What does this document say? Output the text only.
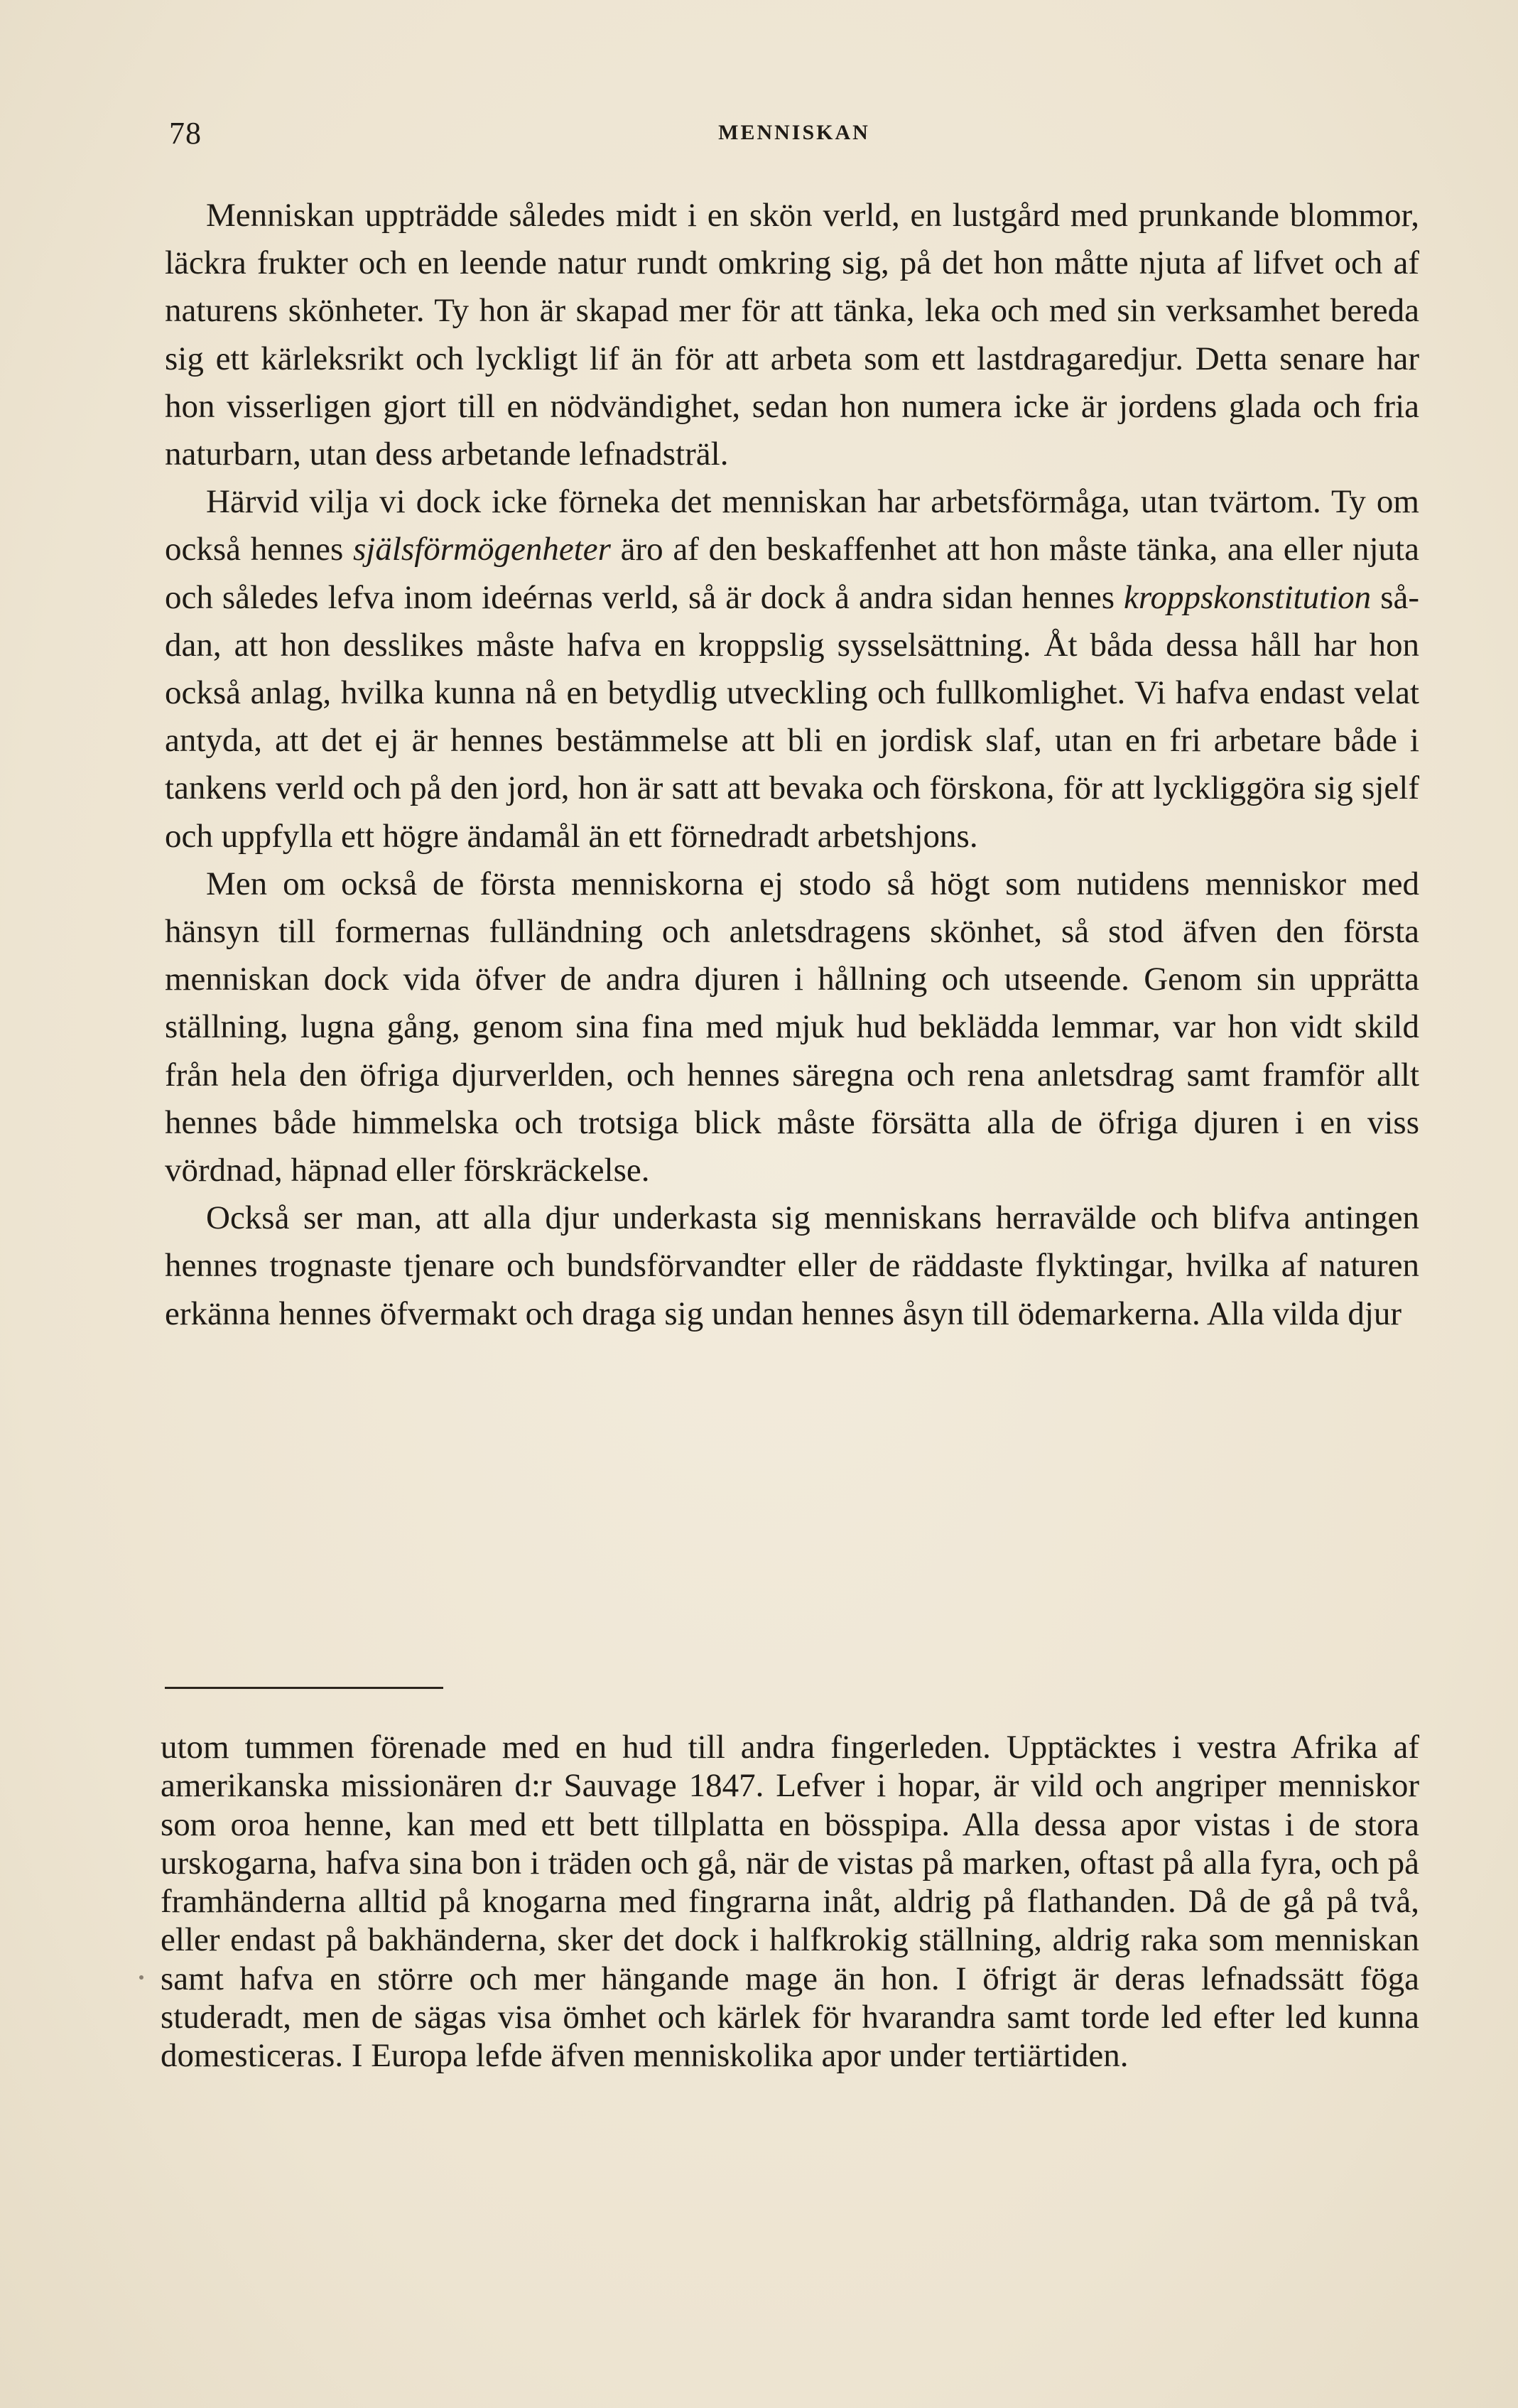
78	MENNISKAN

Menniskan uppträdde således midt i en skön verld, en lustgård med prunkande blommor, läckra frukter och en leende natur rundt omkring sig, på det hon måtte njuta af lifvet och af naturens skönheter. Ty hon är skapad mer för att tänka, leka och med sin verksamhet bereda sig ett kärleksrikt och lyckligt lif än för att arbeta som ett lastdragaredjur. Detta senare har hon visserligen gjort till en nödvändighet, sedan hon numera icke är jordens glada och fria naturbarn, utan dess arbetande lefnadsträl.

Härvid vilja vi dock icke förneka det menniskan har arbetsförmåga, utan tvärtom. Ty om också hennes själsförmögenheter äro af den beskaffenhet att hon måste tänka, ana eller njuta och således lefva inom ideérnas verld, så är dock å andra sidan hennes kroppskonstitution sådan, att hon desslikes måste hafva en kroppslig sysselsättning. Åt båda dessa håll har hon också anlag, hvilka kunna nå en betydlig utveckling och fullkomlighet. Vi hafva endast velat antyda, att det ej är hennes bestämmelse att bli en jordisk slaf, utan en fri arbetare både i tankens verld och på den jord, hon är satt att bevaka och förskona, för att lyckliggöra sig sjelf och uppfylla ett högre ändamål än ett förnedradt arbetshjons.

Men om också de första menniskorna ej stodo så högt som nutidens menniskor med hänsyn till formernas fulländning och anletsdragens skönhet, så stod äfven den första menniskan dock vida öfver de andra djuren i hållning och utseende. Genom sin upprätta ställning, lugna gång, genom sina fina med mjuk hud beklädda lemmar, var hon vidt skild från hela den öfriga djurverlden, och hennes säregna och rena anletsdrag samt framför allt hennes både himmelska och trotsiga blick måste försätta alla de öfriga djuren i en viss vördnad, häpnad eller förskräckelse.

Också ser man, att alla djur underkasta sig menniskans herravälde och blifva antingen hennes trognaste tjenare och bundsförvandter eller de räddaste flyktingar, hvilka af naturen erkänna hennes öfvermakt och draga sig undan hennes åsyn till ödemarkerna. Alla vilda djur

utom tummen förenade med en hud till andra fingerleden. Upptäcktes i vestra Afrika af amerikanska missionären d:r Sauvage 1847. Lefver i hopar, är vild och angriper menniskor som oroa henne, kan med ett bett tillplatta en bösspipa. Alla dessa apor vistas i de stora urskogarna, hafva sina bon i träden och gå, när de vistas på marken, oftast på alla fyra, och på framhänderna alltid på knogarna med fingrarna inåt, aldrig på flathanden. Då de gå på två, eller endast på bakhänderna, sker det dock i halfkrokig ställning, aldrig raka som menniskan samt hafva en större och mer hängande mage än hon. I öfrigt är deras lefnadssätt föga studeradt, men de sägas visa ömhet och kärlek för hvarandra samt torde led efter led kunna domesticeras. I Europa lefde äfven menniskolika apor under tertiärtiden.
